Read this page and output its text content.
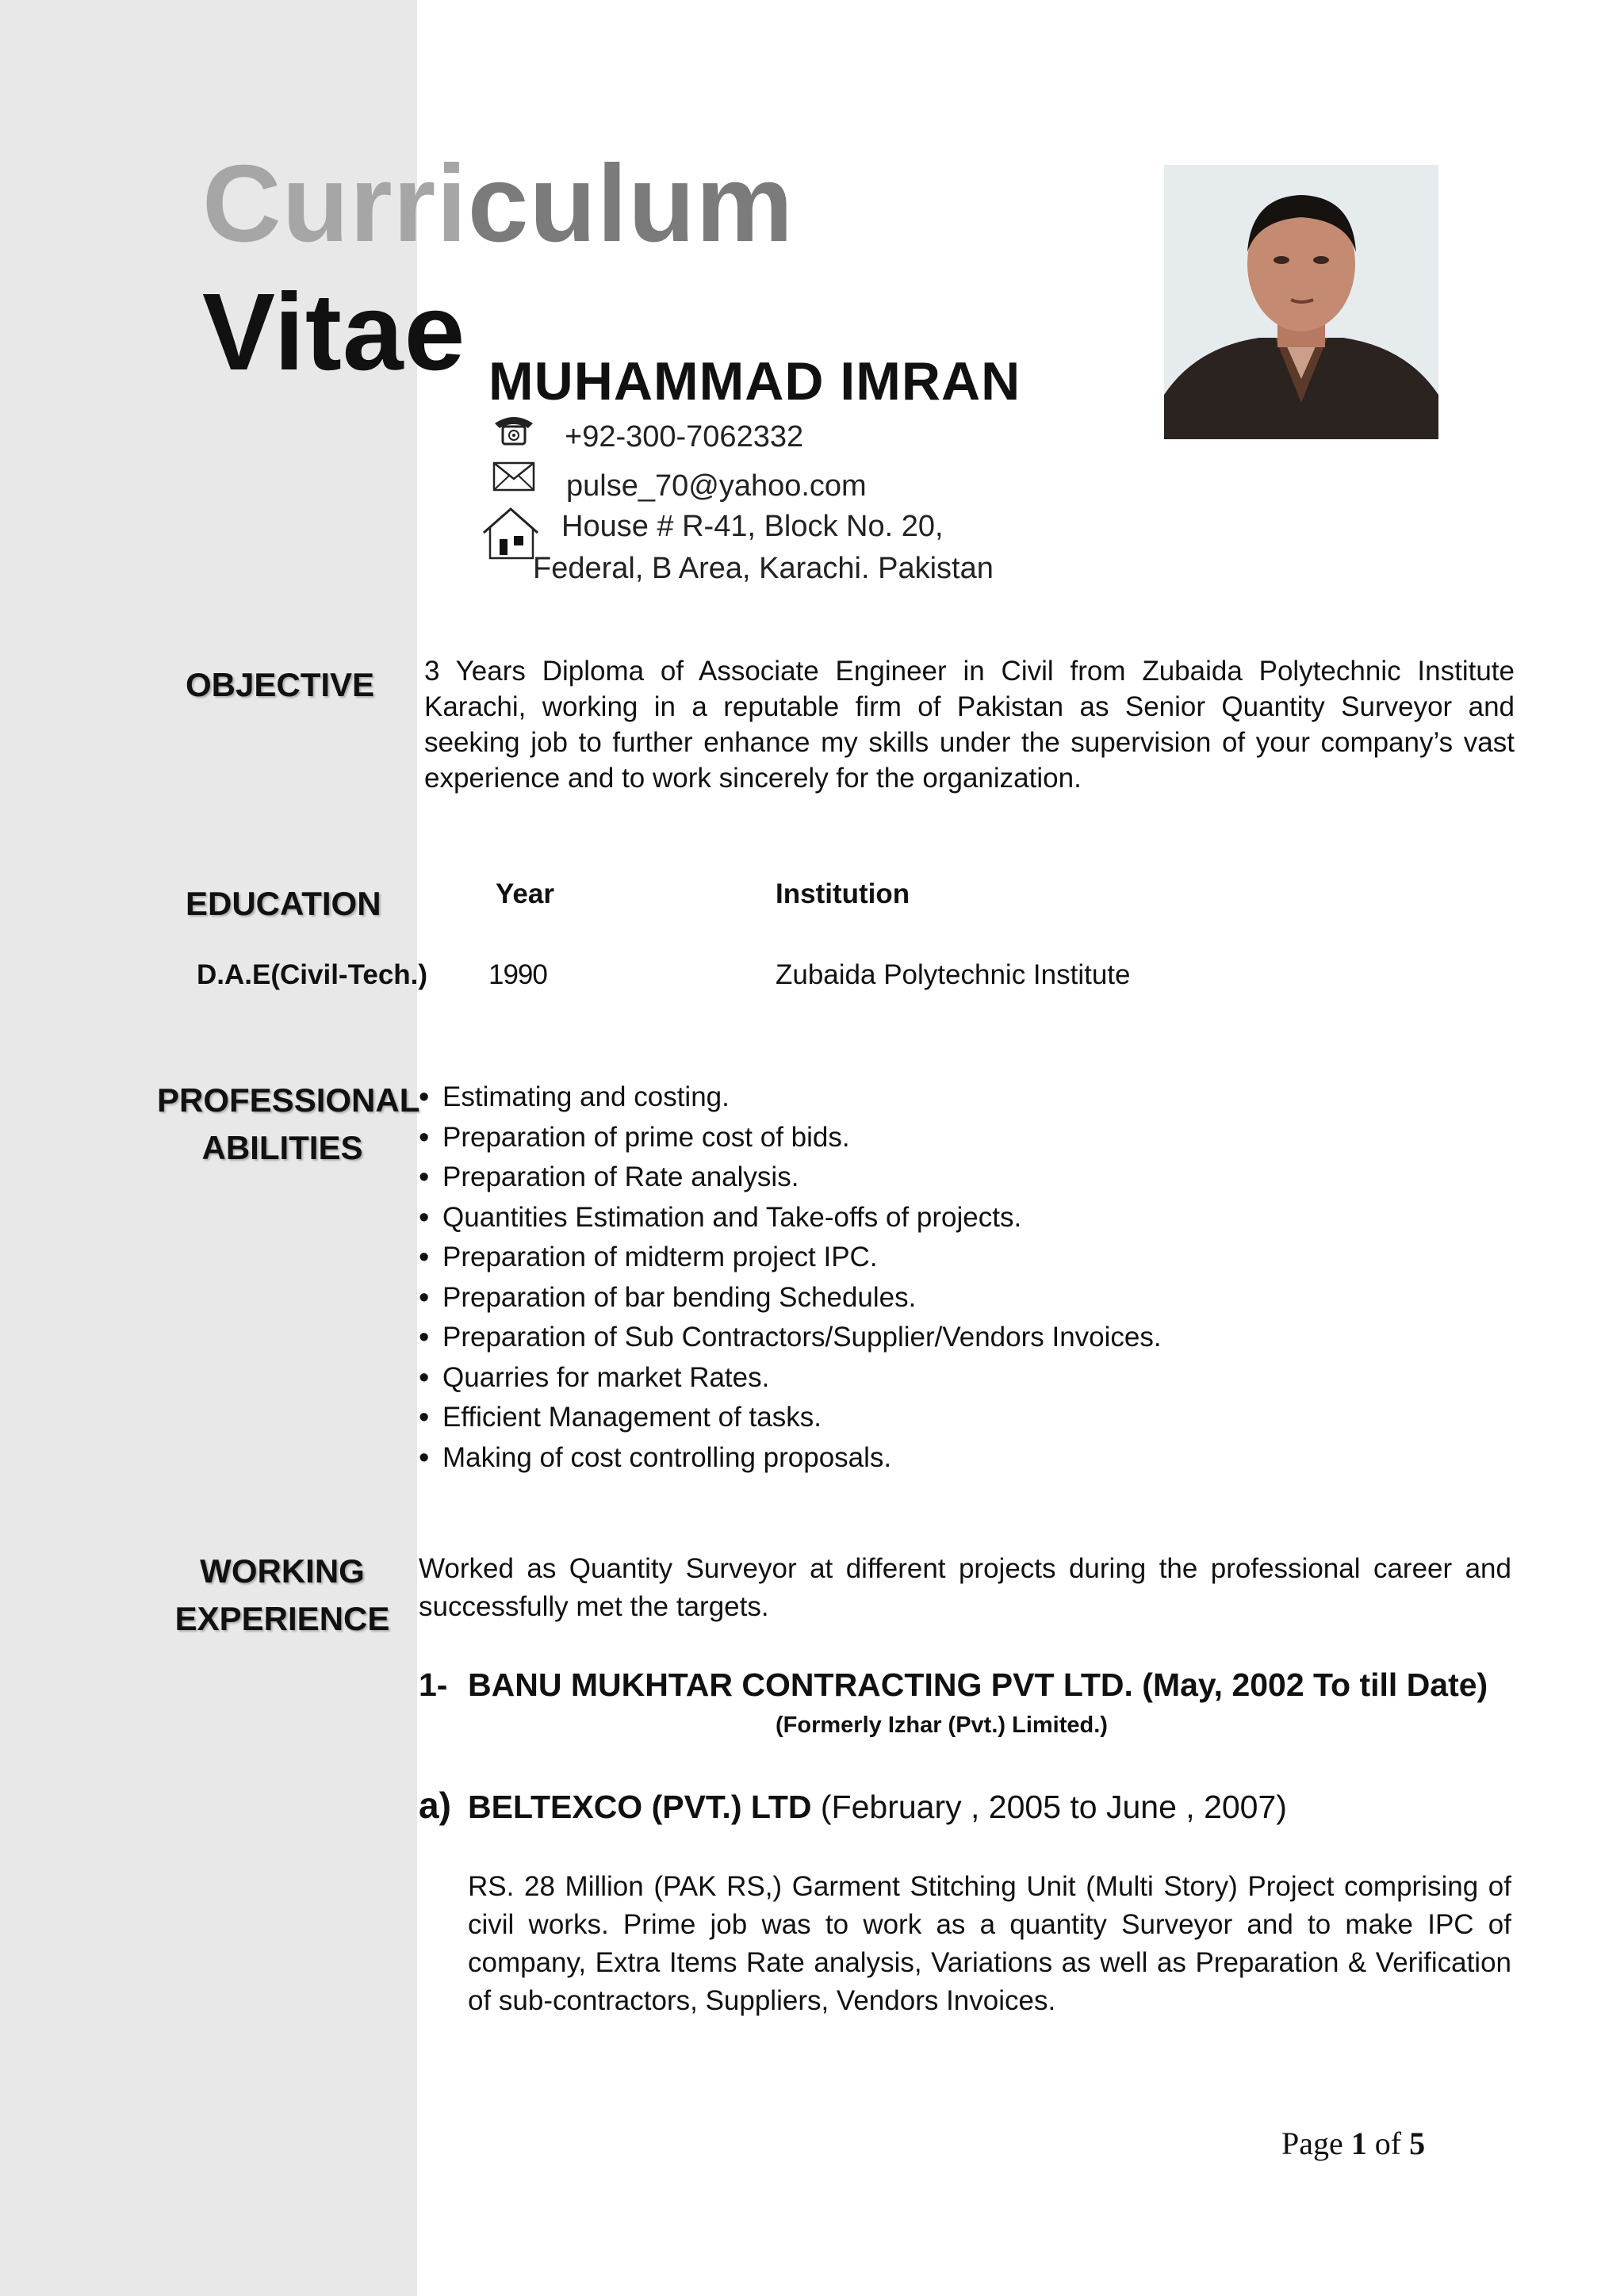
Curriculum
Vitae MUHAMMAD IMRAN
+92-300-7062332
pulse_70@yahoo.com
House # R-41, Block No. 20,
Federal, B Area, Karachi. Pakistan
OBJECTIVE 3 Years Diploma of Associate Engineer in Civil from Zubaida Polytechnic Institute Karachi, working in a reputable firm of Pakistan as Senior Quantity Surveyor and seeking job to further enhance my skills under the supervision of your company’s vast experience and to work sincerely for the organization.
EDUCATION	Year	Institution
D.A.E(Civil-Tech.) 1990	Zubaida Polytechnic Institute
PROFESSIONAL
ABILITIES
• Estimating and costing.
• Preparation of prime cost of bids.
• Preparation of Rate analysis.
• Quantities Estimation and Take-offs of projects.
• Preparation of midterm project IPC.
• Preparation of bar bending Schedules.
• Preparation of Sub Contractors/Supplier/Vendors Invoices.
• Quarries for market Rates.
• Efficient Management of tasks.
• Making of cost controlling proposals.
WORKING
EXPERIENCE
Worked as Quantity Surveyor at different projects during the professional career and successfully met the targets.
1- BANU MUKHTAR CONTRACTING PVT LTD. (May, 2002 To till Date)
(Formerly Izhar (Pvt.) Limited.)
a) BELTEXCO (PVT.) LTD (February , 2005 to June , 2007)
RS. 28 Million (PAK RS,) Garment Stitching Unit (Multi Story) Project comprising of civil works. Prime job was to work as a quantity Surveyor and to make IPC of company, Extra Items Rate analysis, Variations as well as Preparation & Verification of sub-contractors, Suppliers, Vendors Invoices.
Page 1 of 5
